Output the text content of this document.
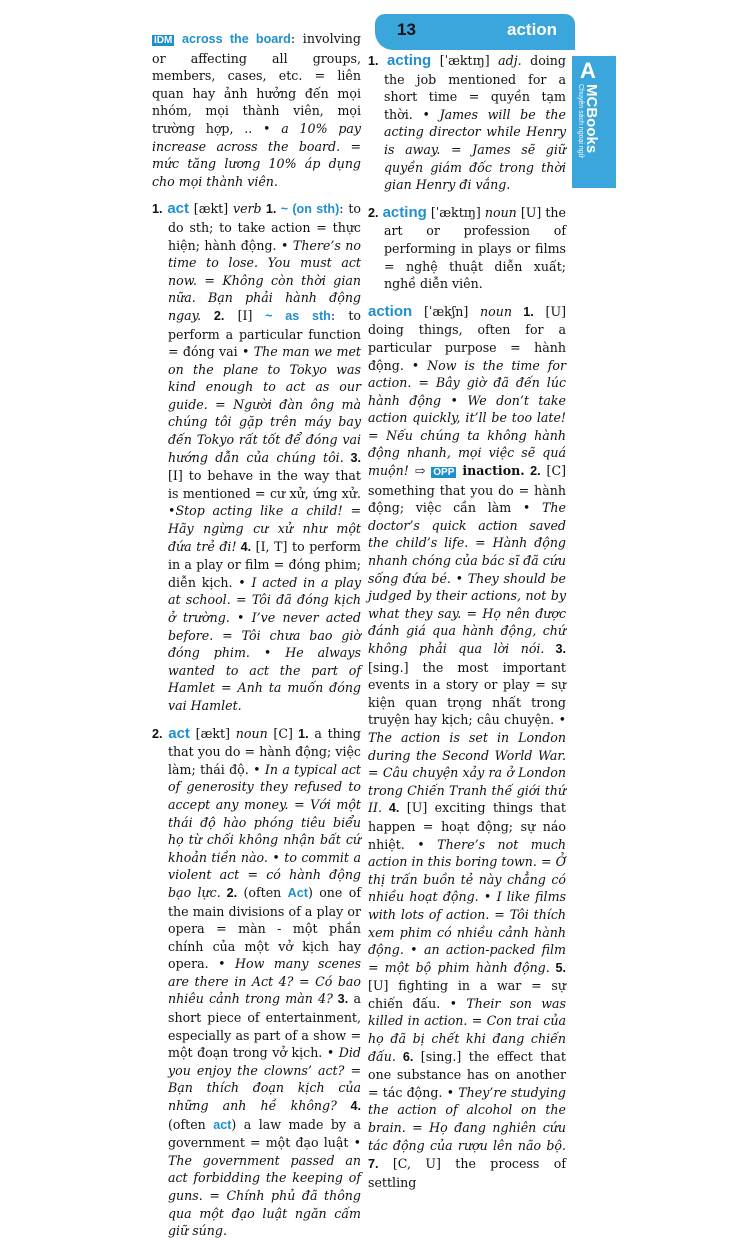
13	action
A
MCBooks
Chuyên sách ngoại ngữ

IDM across the board: involving or affecting all groups, members, cases, etc. = liên quan hay ảnh hưởng đến mọi nhóm, mọi thành viên, mọi trường hợp, .. • a 10% pay increase across the board. = mức tăng lương 10% áp dụng cho mọi thành viên.

1. act [ækt] verb 1. ~ (on sth): to do sth; to take action = thực hiện; hành động. • There’s no time to lose. You must act now. = Không còn thời gian nữa. Bạn phải hành động ngay. 2. [I] ~ as sth: to perform a particular function = đóng vai • The man we met on the plane to Tokyo was kind enough to act as our guide. = Người đàn ông mà chúng tôi gặp trên máy bay đến Tokyo rất tốt để đóng vai hướng dẫn của chúng tôi. 3. [I] to behave in the way that is mentioned = cư xử, ứng xử. •Stop acting like a child! = Hãy ngừng cư xử như một đứa trẻ đi! 4. [I, T] to perform in a play or film = đóng phim; diễn kịch. • I acted in a play at school. = Tôi đã đóng kịch ở trường. • I’ve never acted before. = Tôi chưa bao giờ đóng phim. • He always wanted to act the part of Hamlet = Anh ta muốn đóng vai Hamlet.

2. act [ækt] noun [C] 1. a thing that you do = hành động; việc làm; thái độ. • In a typical act of generosity they refused to accept any money. = Với một thái độ hào phóng tiêu biểu họ từ chối không nhận bất cứ khoản tiền nào. • to commit a violent act = có hành động bạo lực. 2. (often Act) one of the main divisions of a play or opera = màn - một phần chính của một vở kịch hay opera. • How many scenes are there in Act 4? = Có bao nhiêu cảnh trong màn 4? 3. a short piece of entertainment, especially as part of a show = một đoạn trong vở kịch. • Did you enjoy the clowns’ act? = Bạn thích đoạn kịch của những anh hề không? 4. (often act) a law made by a government = một đạo luật • The government passed an act forbidding the keeping of guns. = Chính phủ đã thông qua một đạo luật ngăn cấm giữ súng.

1. acting [ˈæktɪŋ] adj. doing the job mentioned for a short time = quyền tạm thời. • James will be the acting director while Henry is away. = James sẽ giữ quyền giám đốc trong thời gian Henry đi vắng.

2. acting [ˈæktɪŋ] noun [U] the art or profession of performing in plays or films = nghệ thuật diễn xuất; nghề diễn viên.

action [ˈækʃn] noun 1. [U] doing things, often for a particular purpose = hành động. • Now is the time for action. = Bây giờ đã đến lúc hành động • We don’t take action quickly, it’ll be too late! = Nếu chúng ta không hành động nhanh, mọi việc sẽ quá muộn! ⇨ OPP inaction. 2. [C] something that you do = hành động; việc cần làm • The doctor’s quick action saved the child’s life. = Hành động nhanh chóng của bác sĩ đã cứu sống đứa bé. • They should be judged by their actions, not by what they say. = Họ nên được đánh giá qua hành động, chứ không phải qua lời nói. 3. [sing.] the most important events in a story or play = sự kiện quan trọng nhất trong truyện hay kịch; câu chuyện. • The action is set in London during the Second World War. = Câu chuyện xảy ra ở London trong Chiến Tranh thế giới thứ II. 4. [U] exciting things that happen = hoạt động; sự náo nhiệt. • There’s not much action in this boring town. = Ở thị trấn buồn tẻ này chẳng có nhiều hoạt động. • I like films with lots of action. = Tôi thích xem phim có nhiều cảnh hành động. • an action-packed film = một bộ phim hành động. 5. [U] fighting in a war = sự chiến đấu. • Their son was killed in action. = Con trai của họ đã bị chết khi đang chiến đấu. 6. [sing.] the effect that one substance has on another = tác động. • They’re studying the action of alcohol on the brain. = Họ đang nghiên cứu tác động của rượu lên não bộ. 7. [C, U] the process of settling
